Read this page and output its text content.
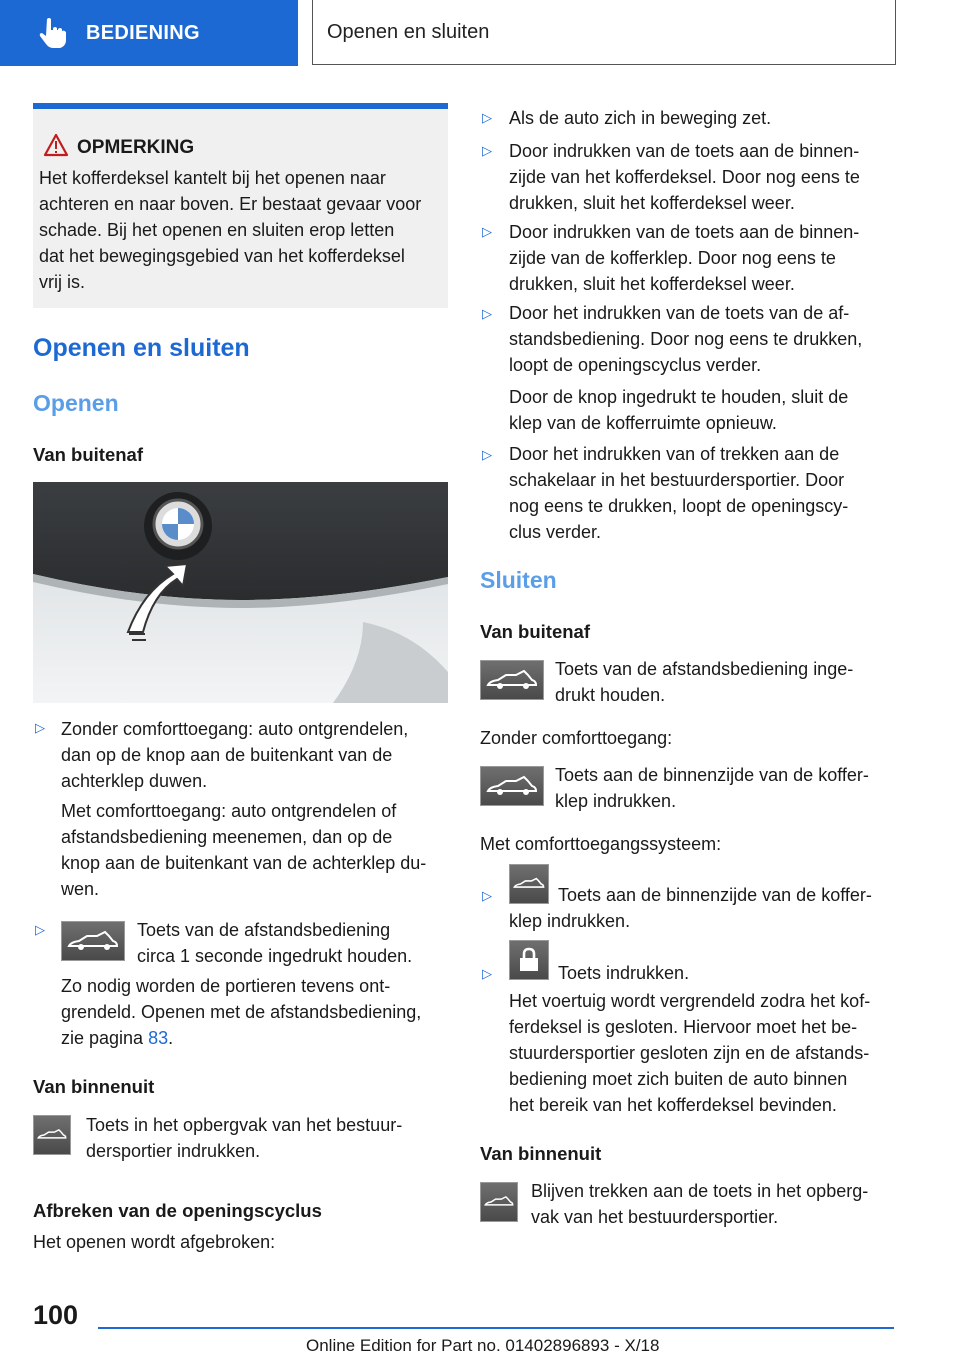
BEDIENING	Openen en sluiten
OPMERKING
Het kofferdeksel kantelt bij het openen naar
achteren en naar boven. Er bestaat gevaar voor
schade. Bij het openen en sluiten erop letten
dat het bewegingsgebied van het kofferdeksel
vrij is.
Openen en sluiten
Openen
Van buitenaf
▷ Zonder comforttoegang: auto ontgrendelen,
dan op de knop aan de buitenkant van de
achterklep duwen.
Met comforttoegang: auto ontgrendelen of
afstandsbediening meenemen, dan op de
knop aan de buitenkant van de achterklep du-
wen.
▷	Toets van de afstandsbediening
circa 1 seconde ingedrukt houden.
Zo nodig worden de portieren tevens ont-
grendeld. Openen met de afstandsbediening,
zie pagina 83.
Van binnenuit
Toets in het opbergvak van het bestuur-
dersportier indrukken.
Afbreken van de openingscyclus
Het openen wordt afgebroken:
▷ Als de auto zich in beweging zet.
▷ Door indrukken van de toets aan de binnen-
zijde van het kofferdeksel. Door nog eens te
drukken, sluit het kofferdeksel weer.
▷ Door indrukken van de toets aan de binnen-
zijde van de kofferklep. Door nog eens te
drukken, sluit het kofferdeksel weer.
▷ Door het indrukken van de toets van de af-
standsbediening. Door nog eens te drukken,
loopt de openingscyclus verder.
Door de knop ingedrukt te houden, sluit de
klep van de kofferruimte opnieuw.
▷ Door het indrukken van of trekken aan de
schakelaar in het bestuurdersportier. Door
nog eens te drukken, loopt de openingscy-
clus verder.
Sluiten
Van buitenaf
Toets van de afstandsbediening inge-
drukt houden.
Zonder comforttoegang:
Toets aan de binnenzijde van de koffer-
klep indrukken.
Met comforttoegangssysteem:
▷	Toets aan de binnenzijde van de koffer-
klep indrukken.
▷	Toets indrukken.
Het voertuig wordt vergrendeld zodra het kof-
ferdeksel is gesloten. Hiervoor moet het be-
stuurdersportier gesloten zijn en de afstands-
bediening moet zich buiten de auto binnen
het bereik van het kofferdeksel bevinden.
Van binnenuit
Blijven trekken aan de toets in het opberg-
vak van het bestuurdersportier.
100
Online Edition for Part no. 01402896893 - X/18
